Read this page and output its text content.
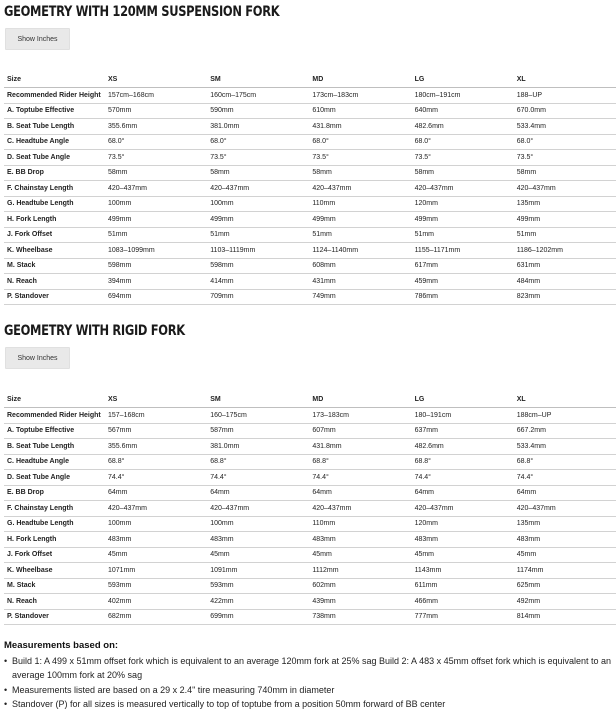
GEOMETRY WITH 120MM SUSPENSION FORK
Show Inches
Size	XS	SM	MD	LG	XL
Recommended Rider Height	157cm–168cm	160cm–175cm	173cm–183cm	180cm–191cm	188–UP
A. Toptube Effective	570mm	590mm	610mm	640mm	670.0mm
B. Seat Tube Length	355.6mm	381.0mm	431.8mm	482.6mm	533.4mm
C. Headtube Angle	68.0°	68.0°	68.0°	68.0°	68.0°
D. Seat Tube Angle	73.5°	73.5°	73.5°	73.5°	73.5°
E. BB Drop	58mm	58mm	58mm	58mm	58mm
F. Chainstay Length	420–437mm	420–437mm	420–437mm	420–437mm	420–437mm
G. Headtube Length	100mm	100mm	110mm	120mm	135mm
H. Fork Length	499mm	499mm	499mm	499mm	499mm
J. Fork Offset	51mm	51mm	51mm	51mm	51mm
K. Wheelbase	1083–1099mm	1103–1119mm	1124–1140mm	1155–1171mm	1186–1202mm
M. Stack	598mm	598mm	608mm	617mm	631mm
N. Reach	394mm	414mm	431mm	459mm	484mm
P. Standover	694mm	709mm	749mm	786mm	823mm
GEOMETRY WITH RIGID FORK
Show Inches
Size	XS	SM	MD	LG	XL
Recommended Rider Height	157–168cm	160–175cm	173–183cm	180–191cm	188cm–UP
A. Toptube Effective	567mm	587mm	607mm	637mm	667.2mm
B. Seat Tube Length	355.6mm	381.0mm	431.8mm	482.6mm	533.4mm
C. Headtube Angle	68.8°	68.8°	68.8°	68.8°	68.8°
D. Seat Tube Angle	74.4°	74.4°	74.4°	74.4°	74.4°
E. BB Drop	64mm	64mm	64mm	64mm	64mm
F. Chainstay Length	420–437mm	420–437mm	420–437mm	420–437mm	420–437mm
G. Headtube Length	100mm	100mm	110mm	120mm	135mm
H. Fork Length	483mm	483mm	483mm	483mm	483mm
J. Fork Offset	45mm	45mm	45mm	45mm	45mm
K. Wheelbase	1071mm	1091mm	1112mm	1143mm	1174mm
M. Stack	593mm	593mm	602mm	611mm	625mm
N. Reach	402mm	422mm	439mm	466mm	492mm
P. Standover	682mm	699mm	738mm	777mm	814mm
Measurements based on:
• Build 1: A 499 x 51mm offset fork which is equivalent to an average 120mm fork at 25% sag Build 2: A 483 x 45mm offset fork which is equivalent to an average 100mm fork at 20% sag
• Measurements listed are based on a 29 x 2.4" tire measuring 740mm in diameter
• Standover (P) for all sizes is measured vertically to top of toptube from a position 50mm forward of BB center
